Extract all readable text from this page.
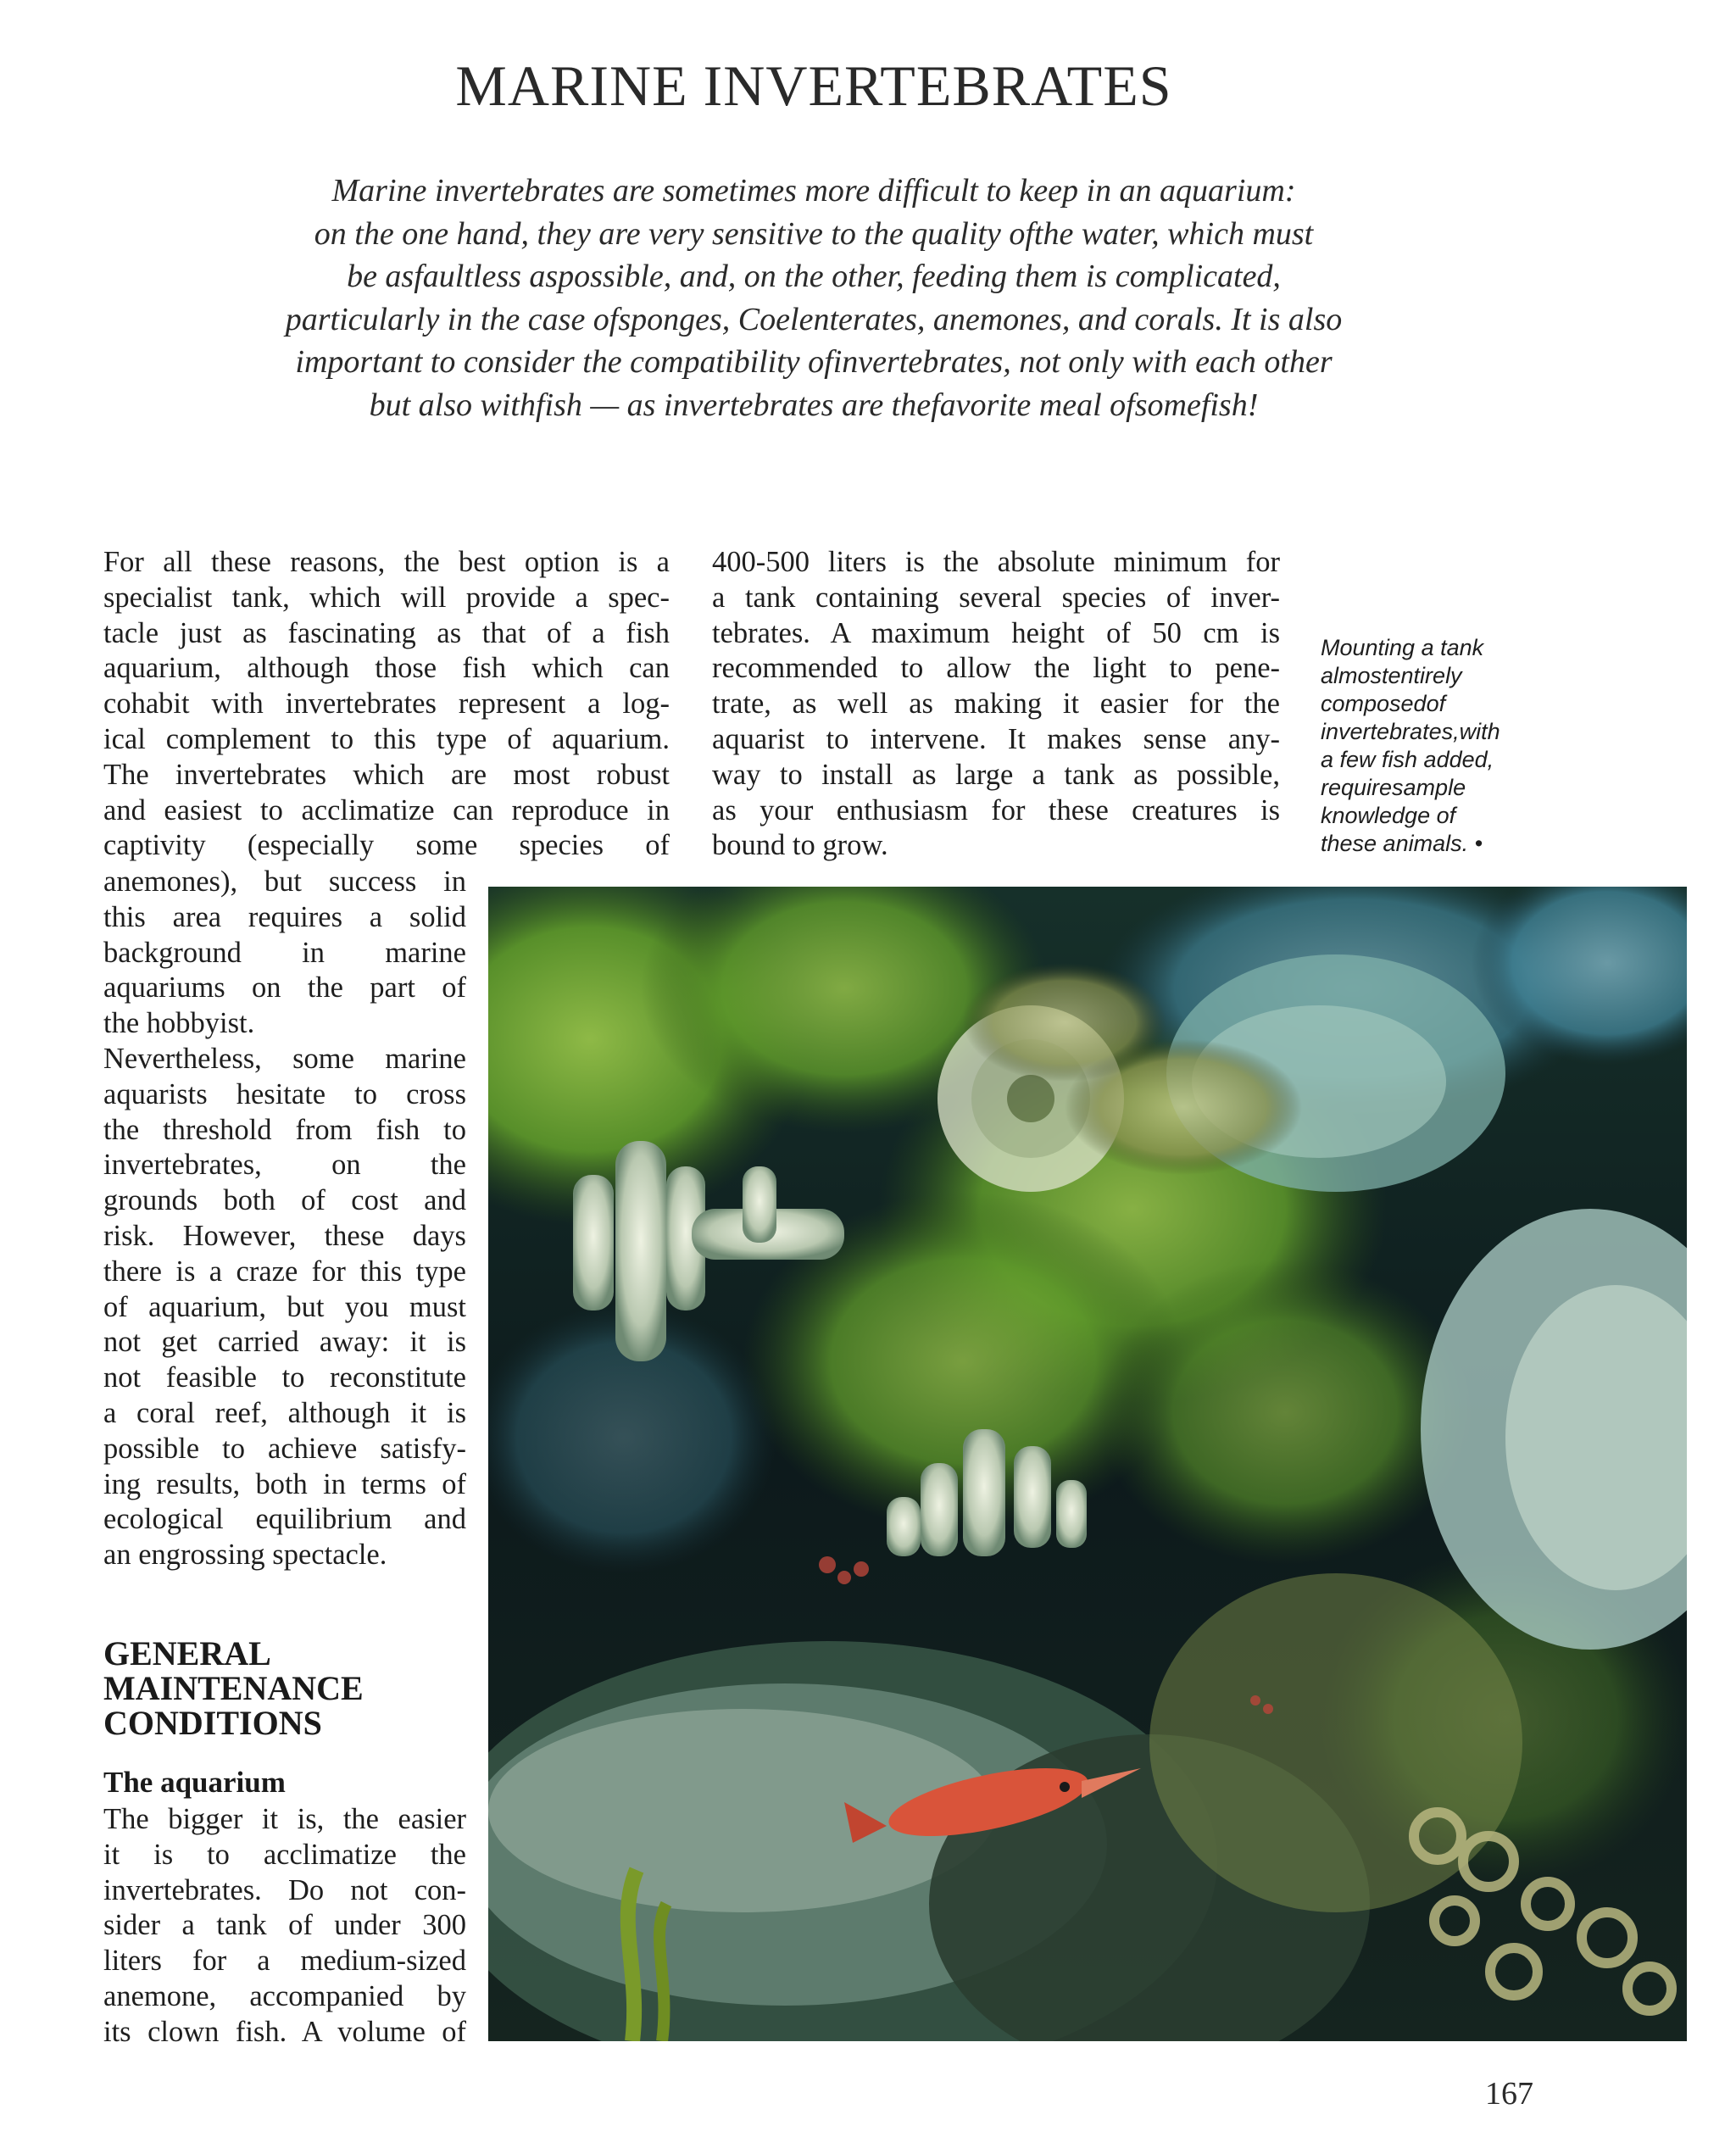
MARINE INVERTEBRATES
Marine invertebrates are sometimes more difficult to keep in an aquarium:
on the one hand, they are very sensitive to the quality ofthe water, which must
be asfaultless aspossible, and, on the other, feeding them is complicated,
particularly in the case ofsponges, Coelenterates, anemones, and corals. It is also
important to consider the compatibility ofinvertebrates, not only with each other
but also withfish — as invertebrates are thefavorite meal ofsomefish!
For all these reasons, the best option is a
specialist tank, which will provide a spec-
tacle just as fascinating as that of a fish
aquarium, although those fish which can
cohabit with invertebrates represent a log-
ical complement to this type of aquarium.
The invertebrates which are most robust
and easiest to acclimatize can reproduce in
captivity (especially some species of
anemones), but success in
this area requires a solid
background in marine
aquariums on the part of
the hobbyist.
Nevertheless, some marine
aquarists hesitate to cross
the threshold from fish to
invertebrates, on the
grounds both of cost and
risk. However, these days
there is a craze for this type
of aquarium, but you must
not get carried away: it is
not feasible to reconstitute
a coral reef, although it is
possible to achieve satisfy-
ing results, both in terms of
ecological equilibrium and
an engrossing spectacle.
400-500 liters is the absolute minimum for
a tank containing several species of inver-
tebrates. A maximum height of 50 cm is
recommended to allow the light to pene-
trate, as well as making it easier for the
aquarist to intervene. It makes sense any-
way to install as large a tank as possible,
as your enthusiasm for these creatures is
bound to grow.
Mounting a tank
almostentirely
composedof
invertebrates,with
a few fish added,
requiresample
knowledge of
these animals. •
GENERAL
MAINTENANCE
CONDITIONS
The aquarium
The bigger it is, the easier
it is to acclimatize the
invertebrates. Do not con-
sider a tank of under 300
liters for a medium-sized
anemone, accompanied by
its clown fish. A volume of
167
